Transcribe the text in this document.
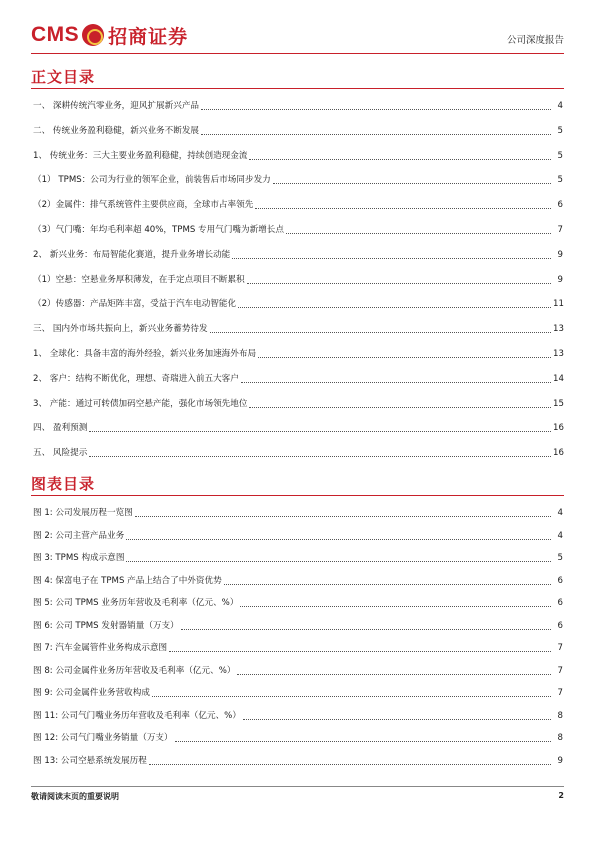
CMS 招商证券	公司深度报告
正文目录
一、 深耕传统汽零业务，迎风扩展新兴产品	4
二、 传统业务盈利稳健，新兴业务不断发展	5
1、 传统业务：三大主要业务盈利稳健，持续创造现金流	5
（1） TPMS：公司为行业的领军企业，前装售后市场同步发力	5
（2）金属件：排气系统管件主要供应商，全球市占率领先	6
（3）气门嘴：年均毛利率超 40%，TPMS 专用气门嘴为新增长点	7
2、 新兴业务：布局智能化赛道，提升业务增长动能	9
（1）空悬：空悬业务厚积薄发，在手定点项目不断累积	9
（2）传感器：产品矩阵丰富，受益于汽车电动智能化	11
三、 国内外市场共振向上，新兴业务蓄势待发	13
1、 全球化：具备丰富的海外经验，新兴业务加速海外布局	13
2、 客户：结构不断优化，理想、奇瑞进入前五大客户	14
3、 产能：通过可转债加码空悬产能，强化市场领先地位	15
四、 盈利预测	16
五、 风险提示	16
图表目录
图 1: 公司发展历程一览图	4
图 2: 公司主营产品业务	4
图 3: TPMS 构成示意图	5
图 4: 保富电子在 TPMS 产品上结合了中外资优势	6
图 5: 公司 TPMS 业务历年营收及毛利率（亿元、%）	6
图 6: 公司 TPMS 发射器销量（万支）	6
图 7: 汽车金属管件业务构成示意图	7
图 8: 公司金属件业务历年营收及毛利率（亿元、%）	7
图 9: 公司金属件业务营收构成	7
图 11: 公司气门嘴业务历年营收及毛利率（亿元、%）	8
图 12: 公司气门嘴业务销量（万支）	8
图 13: 公司空悬系统发展历程	9
敬请阅读末页的重要说明	2
